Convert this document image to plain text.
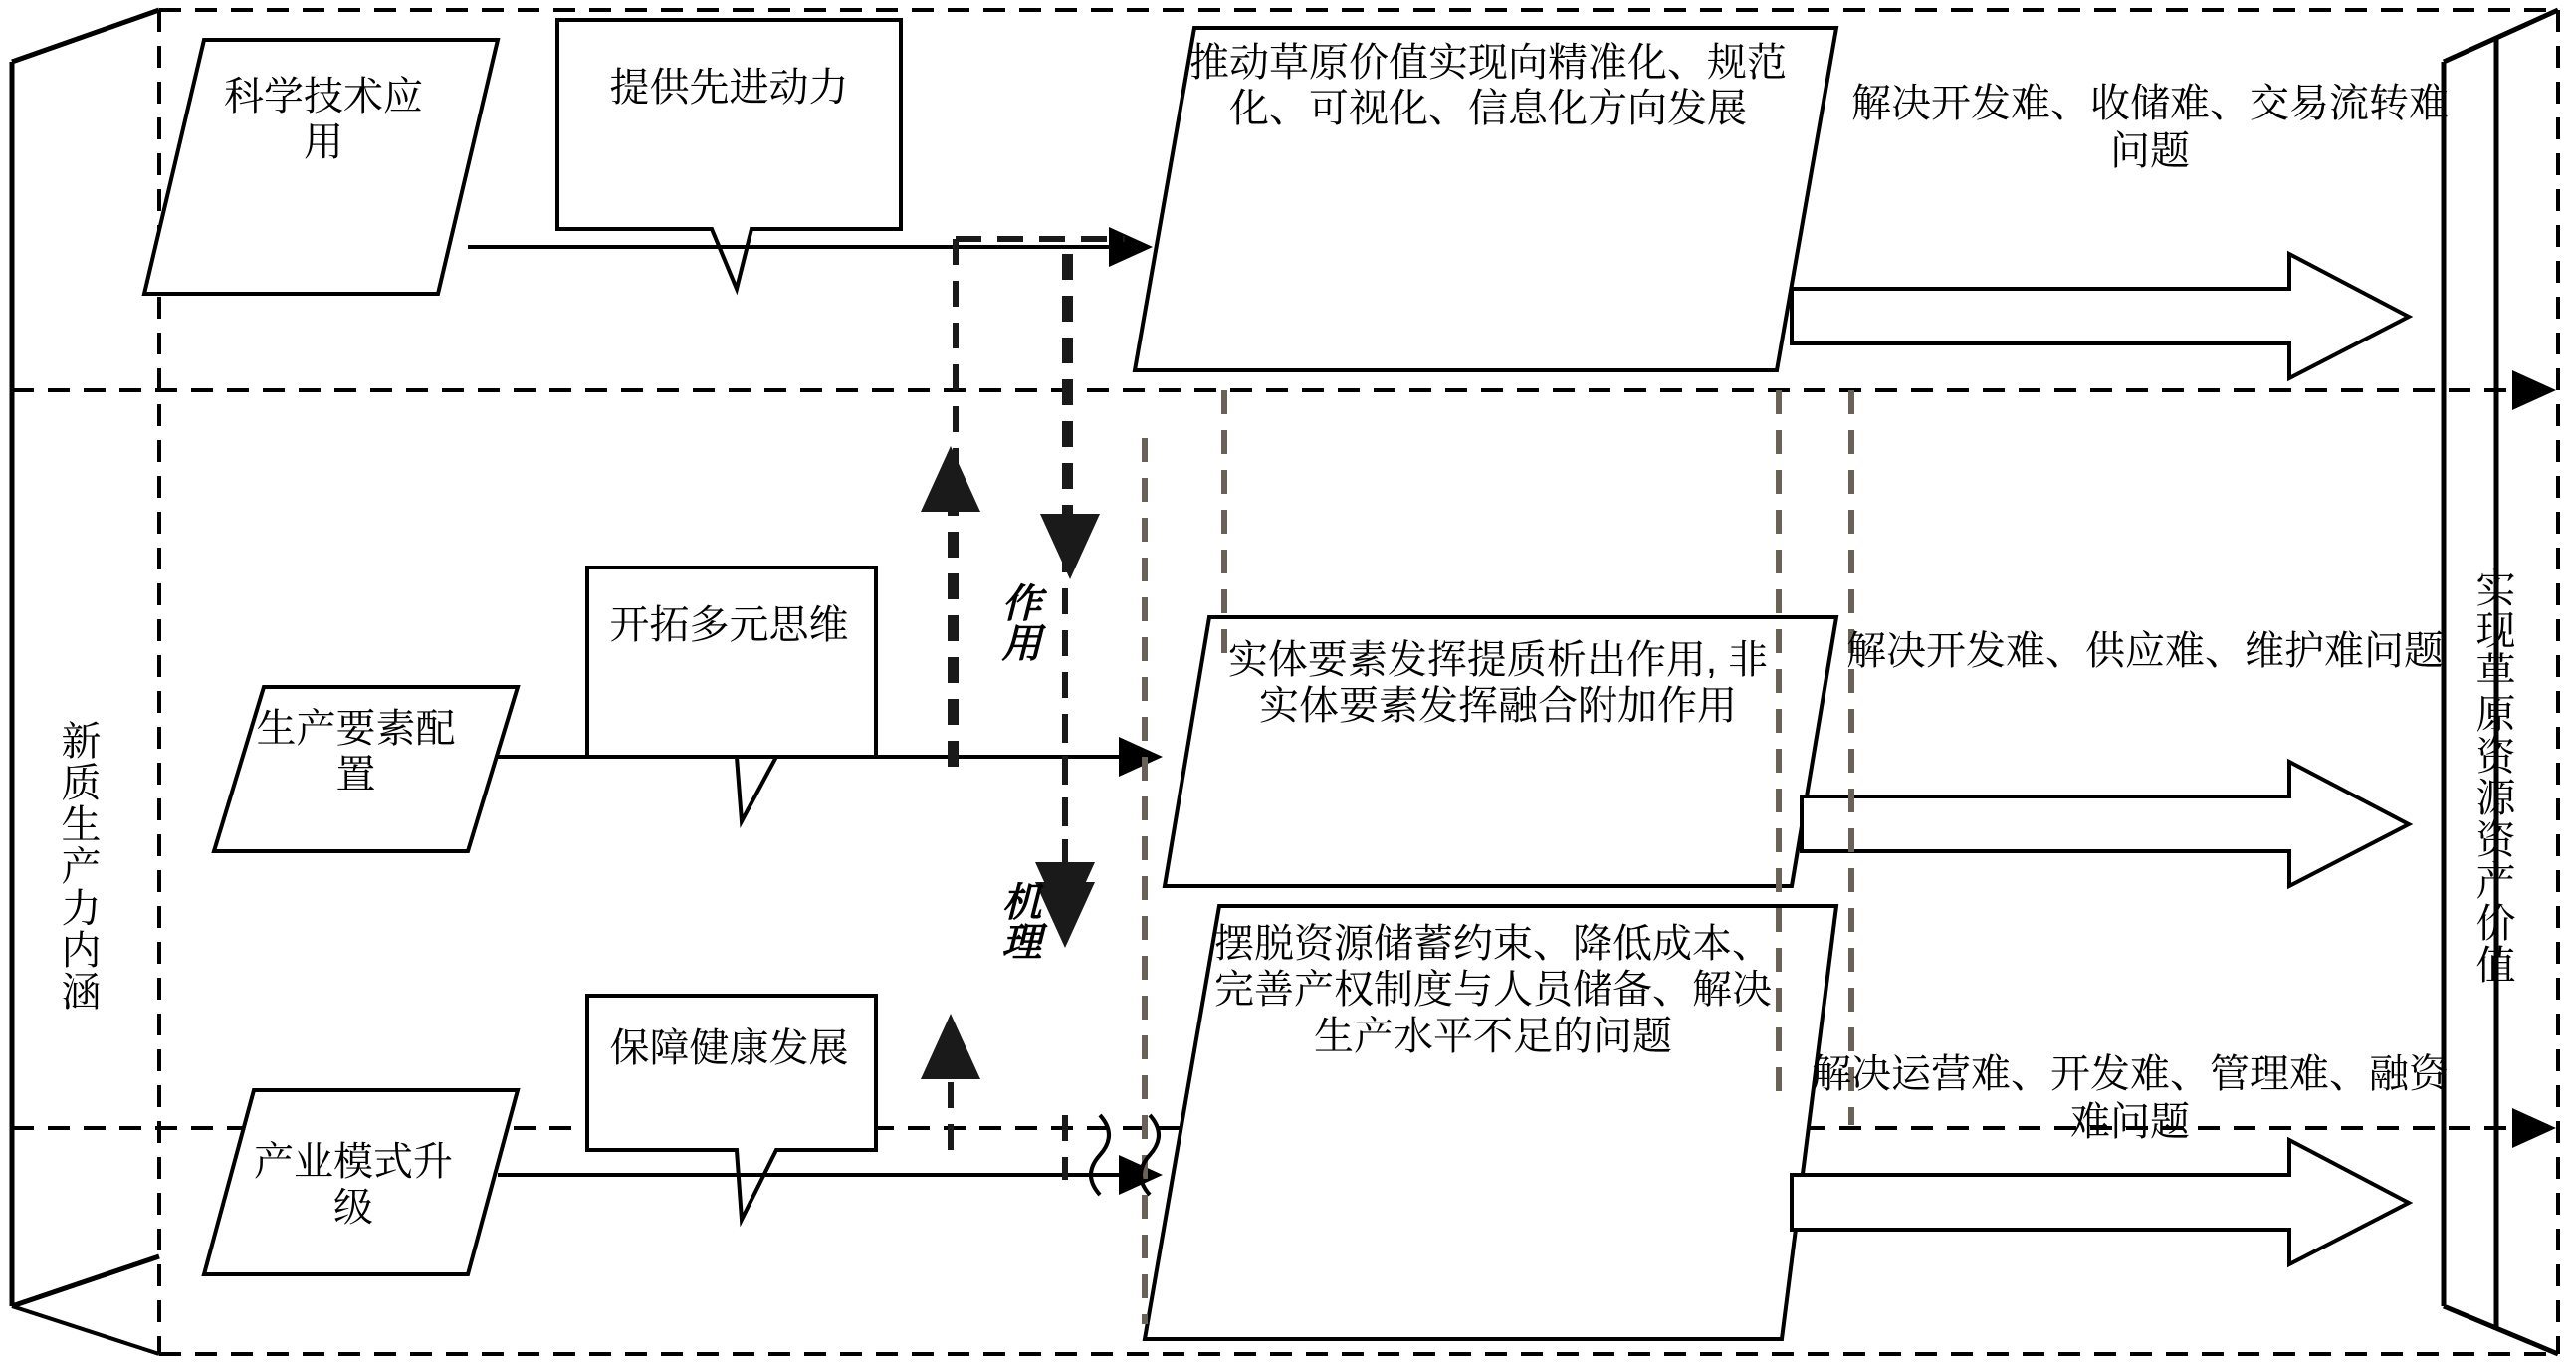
新质生产力内涵	实现草原资源资产价值
作用
机理
科学技术应用
提供先进动力
推动草原价值实现向精准化、规范化、可视化、信息化方向发展	解决开发难、收储难、交易流转难问题
生产要素配置
开拓多元思维
实体要素发挥提质析出作用, 非实体要素发挥融合附加作用
解决开发难、供应难、维护难问题
产业模式升级
保障健康发展
摆脱资源储蓄约束、降低成本、完善产权制度与人员储备、解决生产水平不足的问题
解决运营难、开发难、管理难、融资难问题
